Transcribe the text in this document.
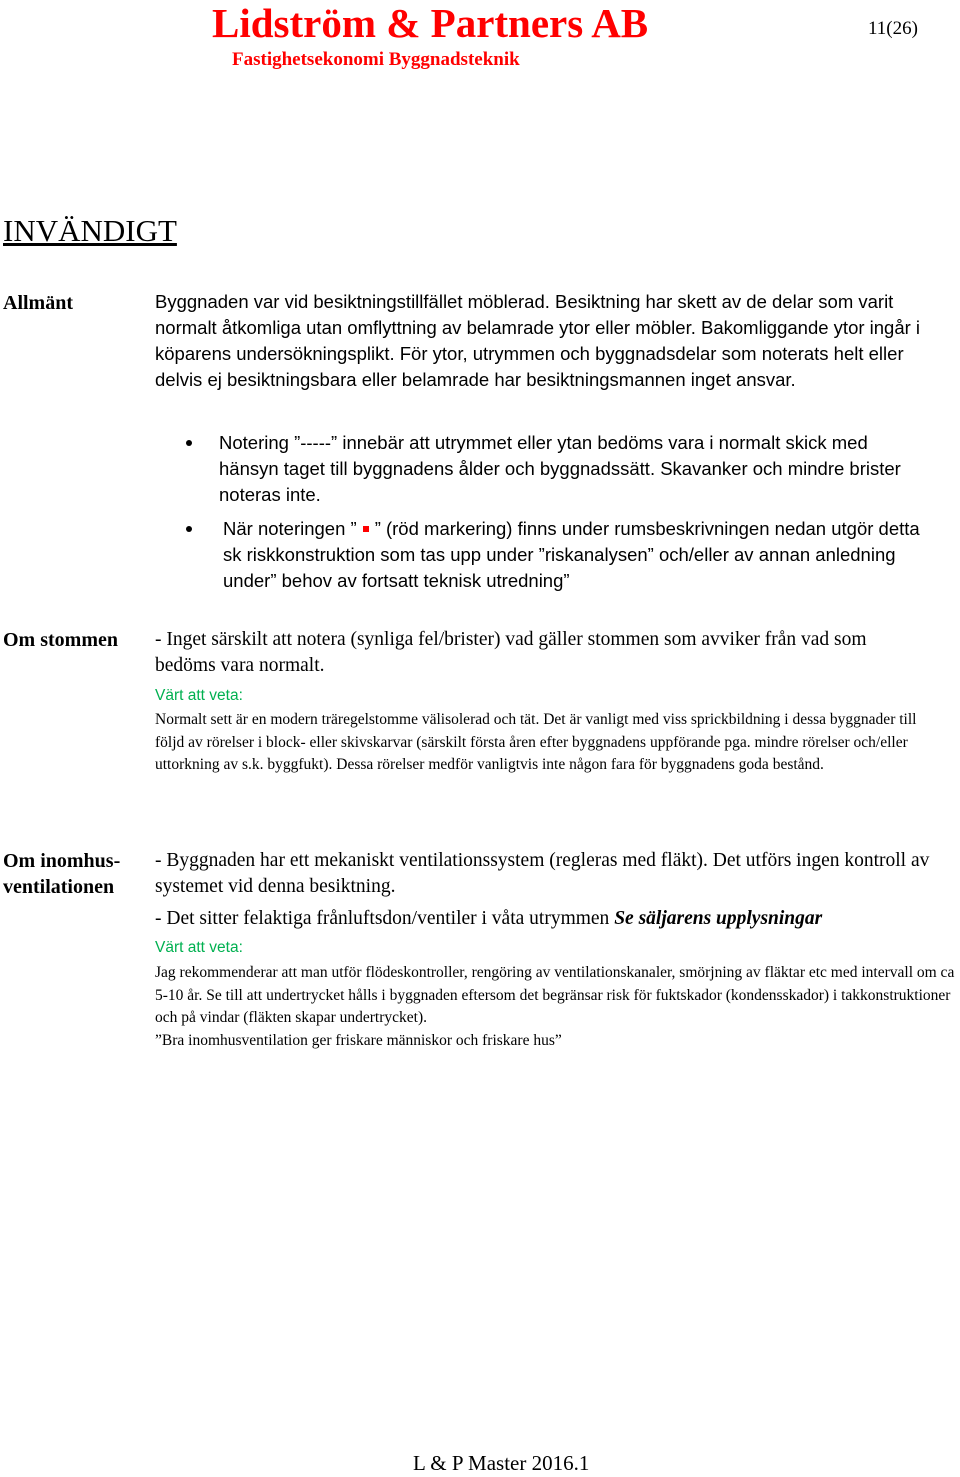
Lidström & Partners AB
Fastighetsekonomi Byggnadsteknik
11(26)
INVÄNDIGT
Allmänt	Byggnaden var vid besiktningstillfället möblerad. Besiktning har skett av de delar som varit normalt åtkomliga utan omflyttning av belamrade ytor eller möbler. Bakomliggande ytor ingår i köparens undersökningsplikt. För ytor, utrymmen och byggnadsdelar som noterats helt eller delvis ej besiktningsbara eller belamrade har besiktningsmannen inget ansvar.

Notering ”-----” innebär att utrymmet eller ytan bedöms vara i normalt skick med hänsyn taget till byggnadens ålder och byggnadssätt. Skavanker och mindre brister noteras inte.
När noteringen ” ” (röd markering) finns under rumsbeskrivningen nedan utgör detta sk riskkonstruktion som tas upp under ”riskanalysen” och/eller av annan anledning under” behov av fortsatt teknisk utredning”
Om stommen - Inget särskilt att notera (synliga fel/brister) vad gäller stommen som avviker från vad som bedöms vara normalt.

Värt att veta:

Normalt sett är en modern träregelstomme välisolerad och tät. Det är vanligt med viss sprickbildning i dessa byggnader till följd av rörelser i block- eller skivskarvar (särskilt första åren efter byggnadens uppförande pga. mindre rörelser och/eller uttorkning av s.k. byggfukt). Dessa rörelser medför vanligtvis inte någon fara för byggnadens goda bestånd.

Om inomhus-
ventilationen

- Byggnaden har ett mekaniskt ventilationssystem (regleras med fläkt). Det utförs ingen kontroll av systemet vid denna besiktning.

- Det sitter felaktiga frånluftsdon/ventiler i våta utrymmen Se säljarens upplysningar

Värt att veta:

Jag rekommenderar att man utför flödeskontroller, rengöring av ventilationskanaler, smörjning av fläktar etc med intervall om ca 5-10 år. Se till att undertrycket hålls i byggnaden eftersom det begränsar risk för fuktskador (kondensskador) i takkonstruktioner och på vindar (fläkten skapar undertrycket).

”Bra inomhusventilation ger friskare människor och friskare hus”

L & P Master 2016.1
